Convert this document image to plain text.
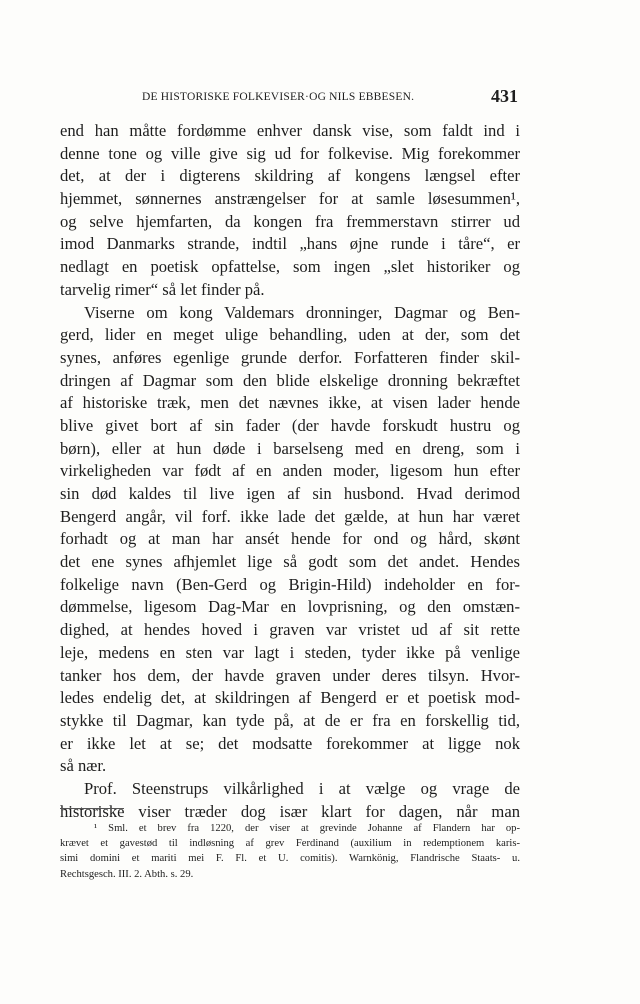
DE HISTORISKE FOLKEVISER·OG NILS EBBESEN.	431
end han måtte fordømme enhver dansk vise, som faldt ind i
denne tone og ville give sig ud for folkevise. Mig forekommer
det, at der i digterens skildring af kongens længsel efter
hjemmet, sønnernes anstrængelser for at samle løsesummen¹,
og selve hjemfarten, da kongen fra fremmerstavn stirrer ud
imod Danmarks strande, indtil „hans øjne runde i tåre“, er
nedlagt en poetisk opfattelse, som ingen „slet historiker og
tarvelig rimer“ så let finder på.
Viserne om kong Valdemars dronninger, Dagmar og Ben-
gerd, lider en meget ulige behandling, uden at der, som det
synes, anføres egenlige grunde derfor. Forfatteren finder skil-
dringen af Dagmar som den blide elskelige dronning bekræftet
af historiske træk, men det nævnes ikke, at visen lader hende
blive givet bort af sin fader (der havde forskudt hustru og
børn), eller at hun døde i barselseng med en dreng, som i
virkeligheden var født af en anden moder, ligesom hun efter
sin død kaldes til live igen af sin husbond. Hvad derimod
Bengerd angår, vil forf. ikke lade det gælde, at hun har været
forhadt og at man har ansét hende for ond og hård, skønt
det ene synes afhjemlet lige så godt som det andet. Hendes
folkelige navn (Ben-Gerd og Brigin-Hild) indeholder en for-
dømmelse, ligesom Dag-Mar en lovprisning, og den omstæn-
dighed, at hendes hoved i graven var vristet ud af sit rette
leje, medens en sten var lagt i steden, tyder ikke på venlige
tanker hos dem, der havde graven under deres tilsyn. Hvor-
ledes endelig det, at skildringen af Bengerd er et poetisk mod-
stykke til Dagmar, kan tyde på, at de er fra en forskellig tid,
er ikke let at se; det modsatte forekommer at ligge nok
så nær.
Prof. Steenstrups vilkårlighed i at vælge og vrage de
historiske viser træder dog især klart for dagen, når man
¹ Sml. et brev fra 1220, der viser at grevinde Johanne af Flandern har op-
krævet et gavestød til indløsning af grev Ferdinand (auxilium in redemptionem karis-
simi domini et mariti mei F. Fl. et U. comitis). Warnkönig, Flandrische Staats- u.
Rechtsgesch. III. 2. Abth. s. 29.
